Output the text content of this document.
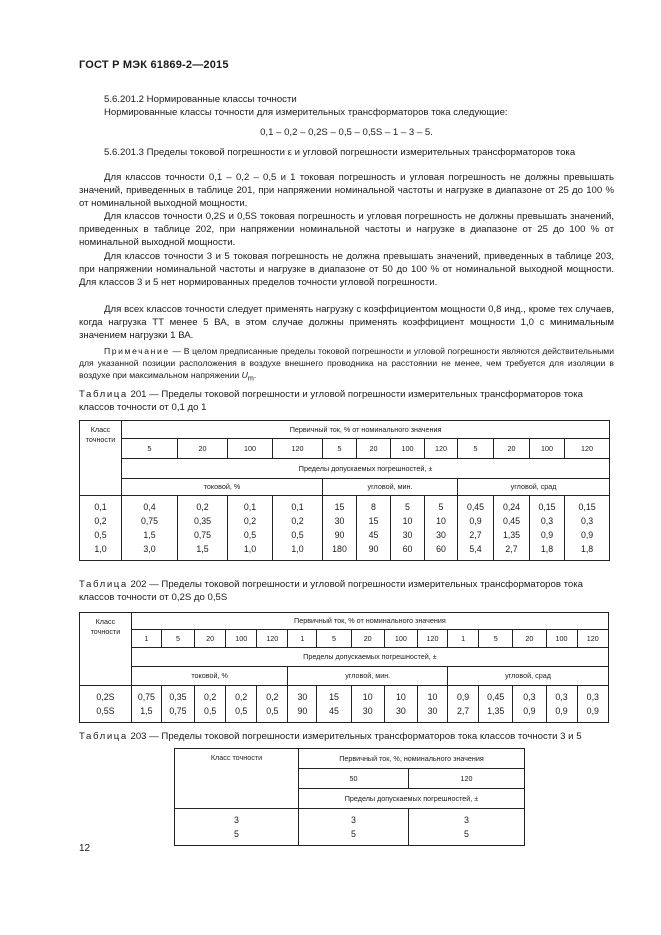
ГОСТ Р МЭК 61869-2—2015
5.6.201.2 Нормированные классы точности
Нормированные классы точности для измерительных трансформаторов тока следующие:
0,1 – 0,2 – 0,2S – 0,5 – 0,5S – 1 – 3 – 5.
5.6.201.3 Пределы токовой погрешности ε и угловой погрешности измерительных трансформаторов тока
Для классов точности 0,1 – 0,2 – 0,5 и 1 токовая погрешность и угловая погрешность не должны превышать значений, приведенных в таблице 201, при напряжении номинальной частоты и нагрузке в диапазоне от 25 до 100 % от номинальной выходной мощности.
Для классов точности 0,2S и 0,5S токовая погрешность и угловая погрешность не должны превышать значений, приведенных в таблице 202, при напряжении номинальной частоты и нагрузке в диапазоне от 25 до 100 % от номинальной выходной мощности.
Для классов точности 3 и 5 токовая погрешность не должна превышать значений, приведенных в таблице 203, при напряжении номинальной частоты и нагрузке в диапазоне от 50 до 100 % от номинальной выходной мощности. Для классов 3 и 5 нет нормированных пределов точности угловой погрешности.
Для всех классов точности следует применять нагрузку с коэффициентом мощности 0,8 инд., кроме тех случаев, когда нагрузка ТТ менее 5 ВА, в этом случае должны применять коэффициент мощности 1,0 с минимальным значением нагрузки 1 ВА.
Примечание — В целом предписанные пределы токовой погрешности и угловой погрешности являются действительными для указанной позиции расположения в воздухе внешнего проводника на расстоянии не менее, чем требуется для изоляции в воздухе при максимальном напряжении $U_m$.
Таблица 201 — Пределы токовой погрешности и угловой погрешности измерительных трансформаторов тока классов точности от 0,1 до 1
Класс точности	Первичный ток, % от номинального значения											
	5	20	100	120	5	20	100	120	5	20	100	120
	Пределы допускаемых погрешностей, ±											
	токовой, %				угловой, мин.				угловой, срад			
0,1	0,4	0,2	0,1	0,1	15	8	5	5	0,45	0,24	0,15	0,15
0,2	0,75	0,35	0,2	0,2	30	15	10	10	0,9	0,45	0,3	0,3
0,5	1,5	0,75	0,5	0,5	90	45	30	30	2,7	1,35	0,9	0,9
1,0	3,0	1,5	1,0	1,0	180	90	60	60	5,4	2,7	1,8	1,8
Таблица 202 — Пределы токовой погрешности и угловой погрешности измерительных трансформаторов тока классов точности от 0,2S до 0,5S
Класс точности	Первичный ток, % от номинального значения														
	1	5	20	100	120	1	5	20	100	120	1	5	20	100	120
	Пределы допускаемых погрешностей, ±														
	токовой, %					угловой, мин.					угловой, срад				
0,2S	0,75	0,35	0,2	0,2	0,2	30	15	10	10	10	0,9	0,45	0,3	0,3	0,3
0,5S	1,5	0,75	0,5	0,5	0,5	90	45	30	30	30	2,7	1,35	0,9	0,9	0,9
Таблица 203 — Пределы токовой погрешности измерительных трансформаторов тока классов точности 3 и 5
Класс точности	Первичный ток, %, номинального значения	
	50	120
	Пределы допускаемых погрешностей, ±	
3	3	3
5	5	5
12
